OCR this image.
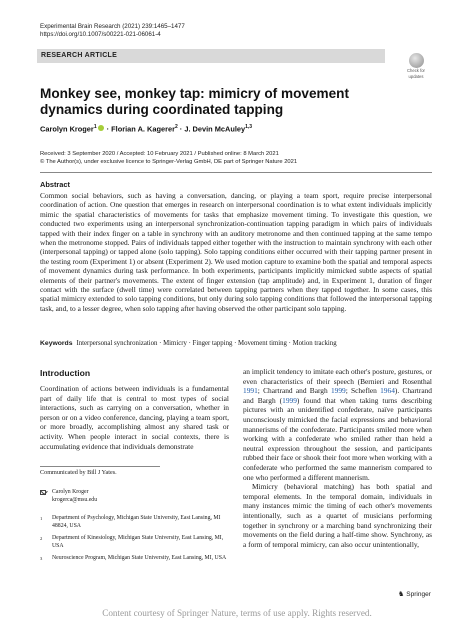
Experimental Brain Research (2021) 239:1465–1477
https://doi.org/10.1007/s00221-021-06061-4
RESEARCH ARTICLE
Check for
updates
Monkey see, monkey tap: mimicry of movement dynamics during coordinated tapping
Carolyn Kroger$^1$ · Florian A. Kagerer$^2$ · J. Devin McAuley$^{1,3}$
Received: 3 September 2020 / Accepted: 10 February 2021 / Published online: 8 March 2021
© The Author(s), under exclusive licence to Springer-Verlag GmbH, DE part of Springer Nature 2021
Abstract

Common social behaviors, such as having a conversation, dancing, or playing a team sport, require precise interpersonal coordination of action. One question that emerges in research on interpersonal coordination is to what extent individuals implicitly mimic the spatial characteristics of movements for tasks that emphasize movement timing. To investigate this question, we conducted two experiments using an interpersonal synchronization-continuation tapping paradigm in which pairs of individuals tapped with their index finger on a table in synchrony with an auditory metronome and then continued tapping at the same tempo when the metronome stopped. Pairs of individuals tapped either together with the instruction to maintain synchrony with each other (interpersonal tapping) or tapped alone (solo tapping). Solo tapping conditions either occurred with their tapping partner present in the testing room (Experiment 1) or absent (Experiment 2). We used motion capture to examine both the spatial and temporal aspects of movement dynamics during task performance. In both experiments, participants implicitly mimicked subtle aspects of spatial elements of their partner's movements. The extent of finger extension (tap amplitude) and, in Experiment 1, duration of finger contact with the surface (dwell time) were correlated between tapping partners when they tapped together. In some cases, this spatial mimicry extended to solo tapping conditions, but only during solo tapping conditions that followed the interpersonal tapping task, and, to a lesser degree, when solo tapping after having observed the other participant solo tapping.

Keywords Interpersonal synchronization · Mimicry · Finger tapping · Movement timing · Motion tracking
Introduction

Coordination of actions between individuals is a fundamental part of daily life that is central to most types of social interactions, such as carrying on a conversation, whether in person or on a video conference, dancing, playing a team sport, or more broadly, accomplishing almost any shared task or activity. When people interact in social contexts, there is accumulating evidence that individuals demonstrate

an implicit tendency to imitate each other's posture, gestures, or even characteristics of their speech (Bernieri and Rosenthal 1991; Chartrand and Bargh 1999; Scheflen 1964). Chartrand and Bargh (1999) found that when taking turns describing pictures with an unidentified confederate, naïve participants unconsciously mimicked the facial expressions and behavioral mannerisms of the confederate. Participants smiled more when working with a confederate who smiled rather than held a neutral expression throughout the session, and participants rubbed their face or shook their foot more when working with a confederate who performed the same mannerism compared to one who performed a different mannerism.

Mimicry (behavioral matching) has both spatial and temporal elements. In the temporal domain, individuals in many instances mimic the timing of each other's movements intentionally, such as a quartet of musicians performing together in synchrony or a marching band synchronizing their movements on the field during a half-time show. Synchrony, as a form of temporal mimicry, can also occur unintentionally,

Communicated by Bill J Yates.
Carolyn Kroger
krogerca@msu.edu
1	Department of Psychology, Michigan State University, East Lansing, MI 48824, USA
2	Department of Kinesiology, Michigan State University, East Lansing, MI, USA
3	Neuroscience Program, Michigan State University, East Lansing, MI, USA
♞ Springer
Content courtesy of Springer Nature, terms of use apply. Rights reserved.
